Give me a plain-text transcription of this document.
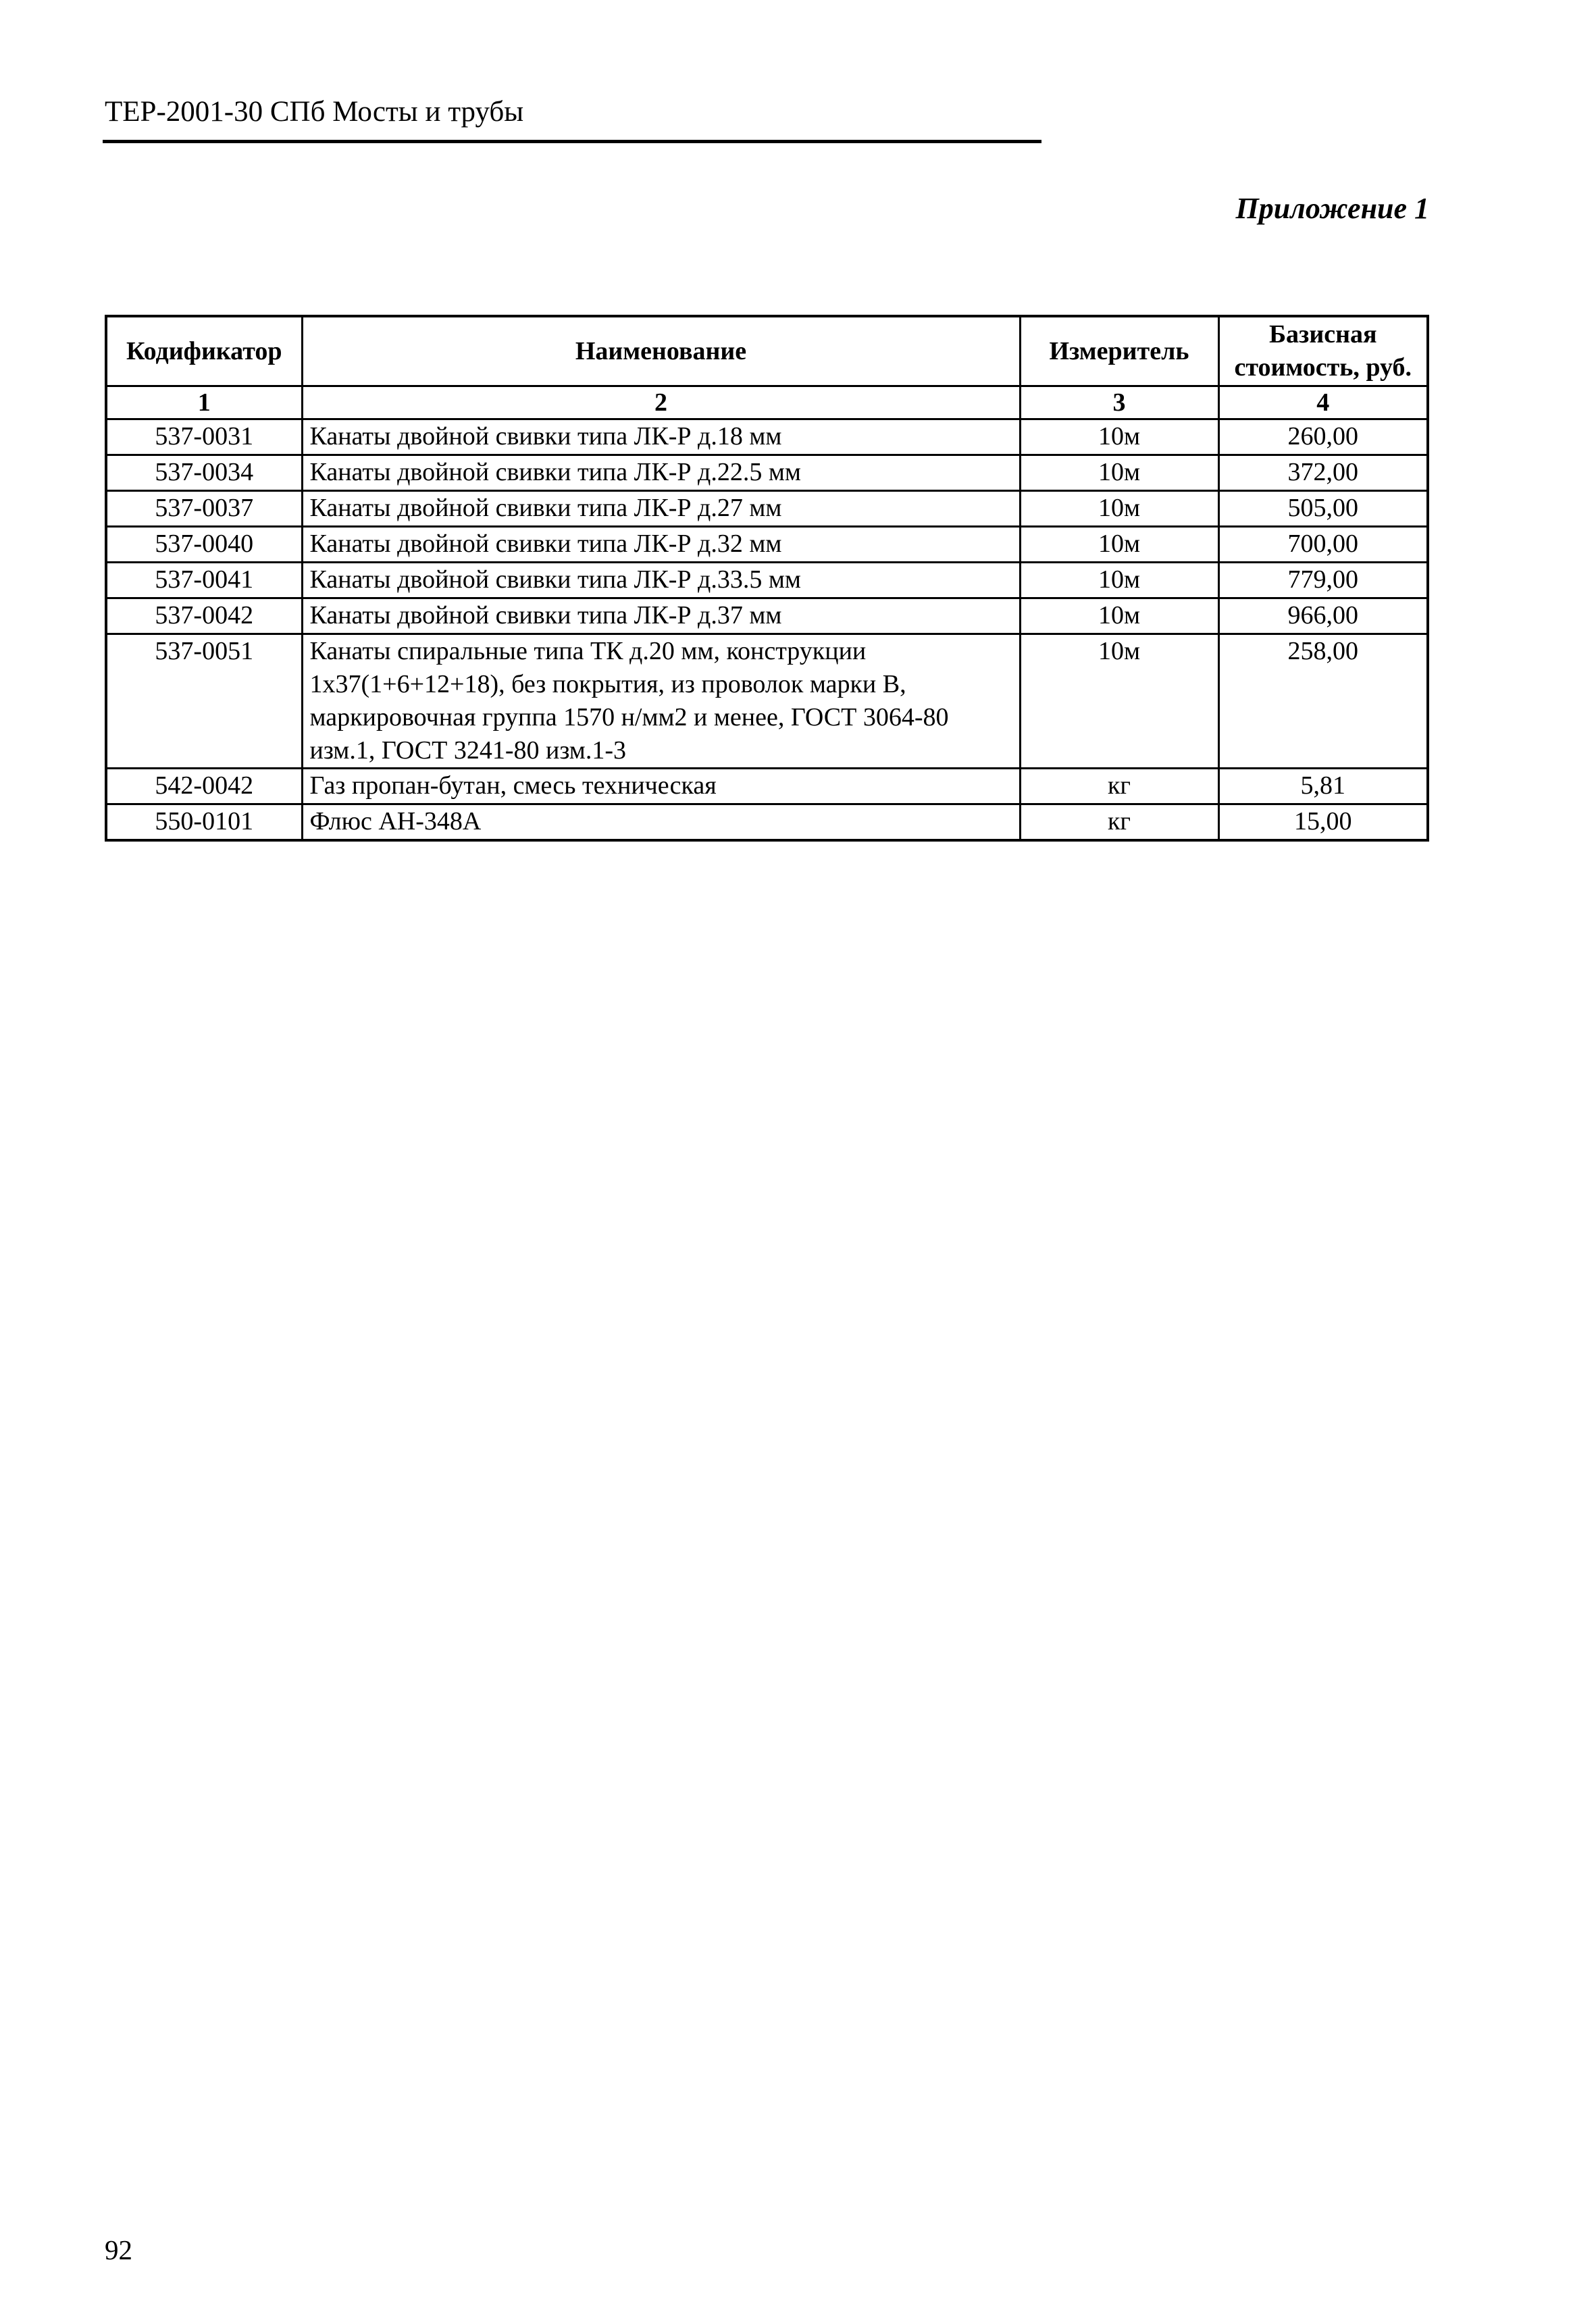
ТЕР-2001-30 СПб Мосты и трубы
Приложение 1
Кодификатор	Наименование	Измеритель	Базисная стоимость, руб.
1	2	3	4
537-0031	Канаты двойной свивки типа ЛК-Р д.18 мм	10м	260,00
537-0034	Канаты двойной свивки типа ЛК-Р д.22.5 мм	10м	372,00
537-0037	Канаты двойной свивки типа ЛК-Р д.27 мм	10м	505,00
537-0040	Канаты двойной свивки типа ЛК-Р д.32 мм	10м	700,00
537-0041	Канаты двойной свивки типа ЛК-Р д.33.5 мм	10м	779,00
537-0042	Канаты двойной свивки типа ЛК-Р д.37 мм	10м	966,00
537-0051	Канаты спиральные типа ТК д.20 мм, конструкции 1х37(1+6+12+18), без покрытия, из проволок марки В, маркировочная группа 1570 н/мм2 и менее, ГОСТ 3064-80 изм.1, ГОСТ 3241-80 изм.1-3	10м	258,00
542-0042	Газ пропан-бутан, смесь техническая	кг	5,81
550-0101	Флюс АН-348А	кг	15,00
92
